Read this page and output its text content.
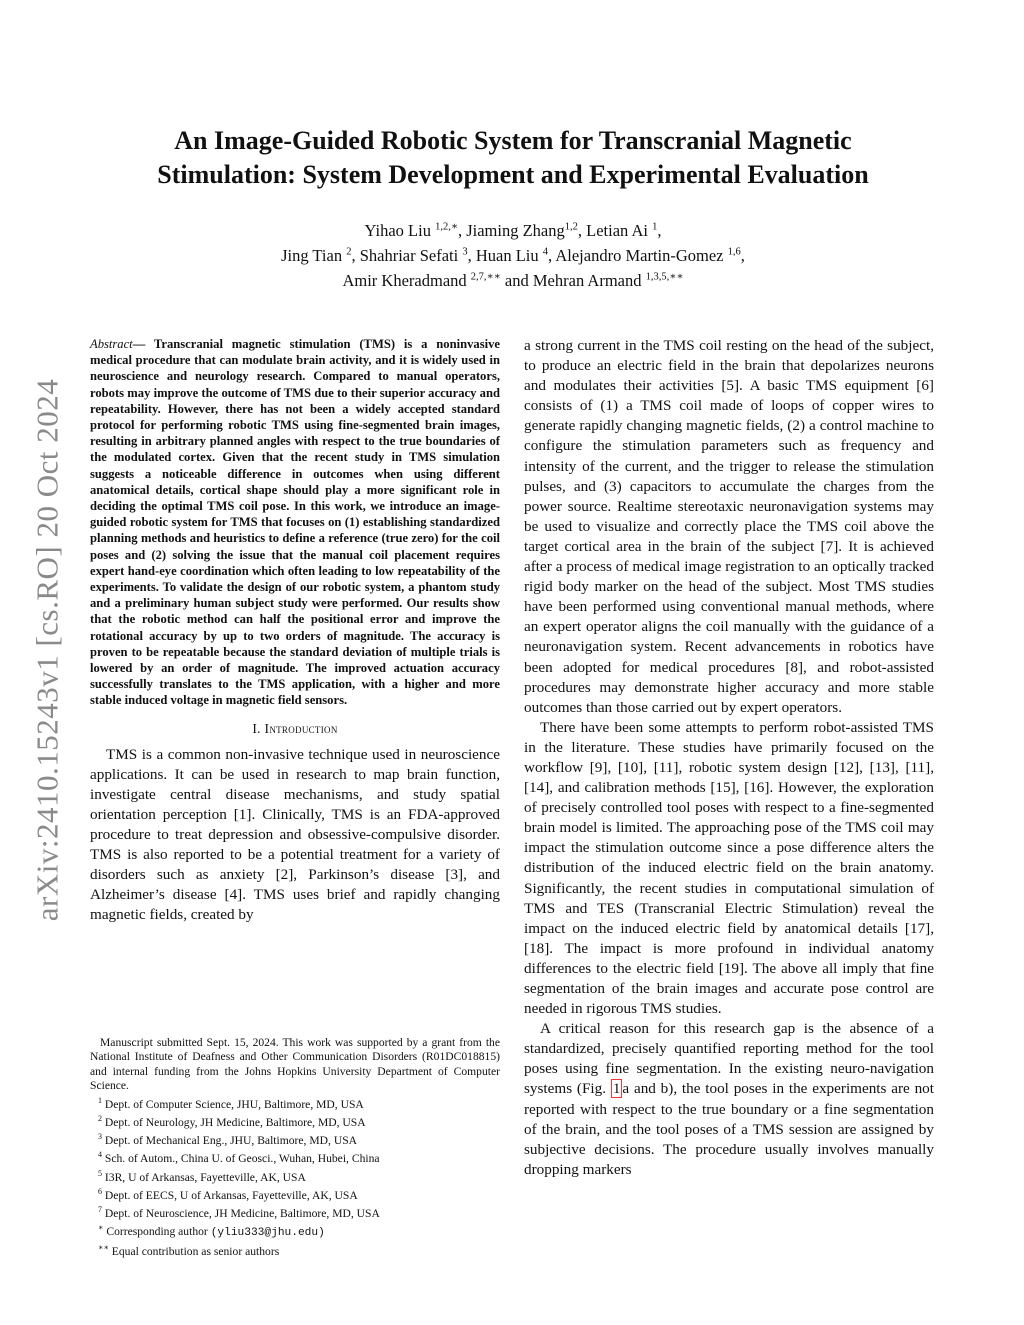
arXiv:2410.15243v1 [cs.RO] 20 Oct 2024
An Image-Guided Robotic System for Transcranial Magnetic
Stimulation: System Development and Experimental Evaluation
Yihao Liu $^{1,2,∗}$, Jiaming Zhang$^{1,2}$, Letian Ai $^1$,
Jing Tian $^2$, Shahriar Sefati $^3$, Huan Liu $^4$, Alejandro Martin-Gomez $^{1,6}$,
Amir Kheradmand $^{2,7,∗∗}$ and Mehran Armand $^{1,3,5,∗∗}$

Abstract— Transcranial magnetic stimulation (TMS) is a noninvasive medical procedure that can modulate brain activity, and it is widely used in neuroscience and neurology research. Compared to manual operators, robots may improve the outcome of TMS due to their superior accuracy and repeatability. However, there has not been a widely accepted standard protocol for performing robotic TMS using fine-segmented brain images, resulting in arbitrary planned angles with respect to the true boundaries of the modulated cortex. Given that the recent study in TMS simulation suggests a noticeable difference in outcomes when using different anatomical details, cortical shape should play a more significant role in deciding the optimal TMS coil pose. In this work, we introduce an image-guided robotic system for TMS that focuses on (1) establishing standardized planning methods and heuristics to define a reference (true zero) for the coil poses and (2) solving the issue that the manual coil placement requires expert hand-eye coordination which often leading to low repeatability of the experiments. To validate the design of our robotic system, a phantom study and a preliminary human subject study were performed. Our results show that the robotic method can half the positional error and improve the rotational accuracy by up to two orders of magnitude. The accuracy is proven to be repeatable because the standard deviation of multiple trials is lowered by an order of magnitude. The improved actuation accuracy successfully translates to the TMS application, with a higher and more stable induced voltage in magnetic field sensors.

I. Introduction

TMS is a common non-invasive technique used in neuroscience applications. It can be used in research to map brain function, investigate central disease mechanisms, and study spatial orientation perception [1]. Clinically, TMS is an FDA-approved procedure to treat depression and obsessive-compulsive disorder. TMS is also reported to be a potential treatment for a variety of disorders such as anxiety [2], Parkinson’s disease [3], and Alzheimer’s disease [4]. TMS uses brief and rapidly changing magnetic fields, created by

Manuscript submitted Sept. 15, 2024. This work was supported by a grant from the National Institute of Deafness and Other Communication Disorders (R01DC018815) and internal funding from the Johns Hopkins University Department of Computer Science.

$^1$ Dept. of Computer Science, JHU, Baltimore, MD, USA
$^2$ Dept. of Neurology, JH Medicine, Baltimore, MD, USA
$^3$ Dept. of Mechanical Eng., JHU, Baltimore, MD, USA
$^4$ Sch. of Autom., China U. of Geosci., Wuhan, Hubei, China
$^5$ I3R, U of Arkansas, Fayetteville, AK, USA
$^6$ Dept. of EECS, U of Arkansas, Fayetteville, AK, USA
$^7$ Dept. of Neuroscience, JH Medicine, Baltimore, MD, USA
∗ Corresponding author (yliu333@jhu.edu)
∗∗ Equal contribution as senior authors

a strong current in the TMS coil resting on the head of the subject, to produce an electric field in the brain that depolarizes neurons and modulates their activities [5]. A basic TMS equipment [6] consists of (1) a TMS coil made of loops of copper wires to generate rapidly changing magnetic fields, (2) a control machine to configure the stimulation parameters such as frequency and intensity of the current, and the trigger to release the stimulation pulses, and (3) capacitors to accumulate the charges from the power source. Realtime stereotaxic neuronavigation systems may be used to visualize and correctly place the TMS coil above the target cortical area in the brain of the subject [7]. It is achieved after a process of medical image registration to an optically tracked rigid body marker on the head of the subject. Most TMS studies have been performed using conventional manual methods, where an expert operator aligns the coil manually with the guidance of a neuronavigation system. Recent advancements in robotics have been adopted for medical procedures [8], and robot-assisted procedures may demonstrate higher accuracy and more stable outcomes than those carried out by expert operators.

There have been some attempts to perform robot-assisted TMS in the literature. These studies have primarily focused on the workflow [9], [10], [11], robotic system design [12], [13], [11], [14], and calibration methods [15], [16]. However, the exploration of precisely controlled tool poses with respect to a fine-segmented brain model is limited. The approaching pose of the TMS coil may impact the stimulation outcome since a pose difference alters the distribution of the induced electric field on the brain anatomy. Significantly, the recent studies in computational simulation of TMS and TES (Transcranial Electric Stimulation) reveal the impact on the induced electric field by anatomical details [17], [18]. The impact is more profound in individual anatomy differences to the electric field [19]. The above all imply that fine segmentation of the brain images and accurate pose control are needed in rigorous TMS studies.

A critical reason for this research gap is the absence of a standardized, precisely quantified reporting method for the tool poses using fine segmentation. In the existing neuro-navigation systems (Fig. 1 a and b), the tool poses in the experiments are not reported with respect to the true boundary or a fine segmentation of the brain, and the tool poses of a TMS session are assigned by subjective decisions. The procedure usually involves manually dropping markers
